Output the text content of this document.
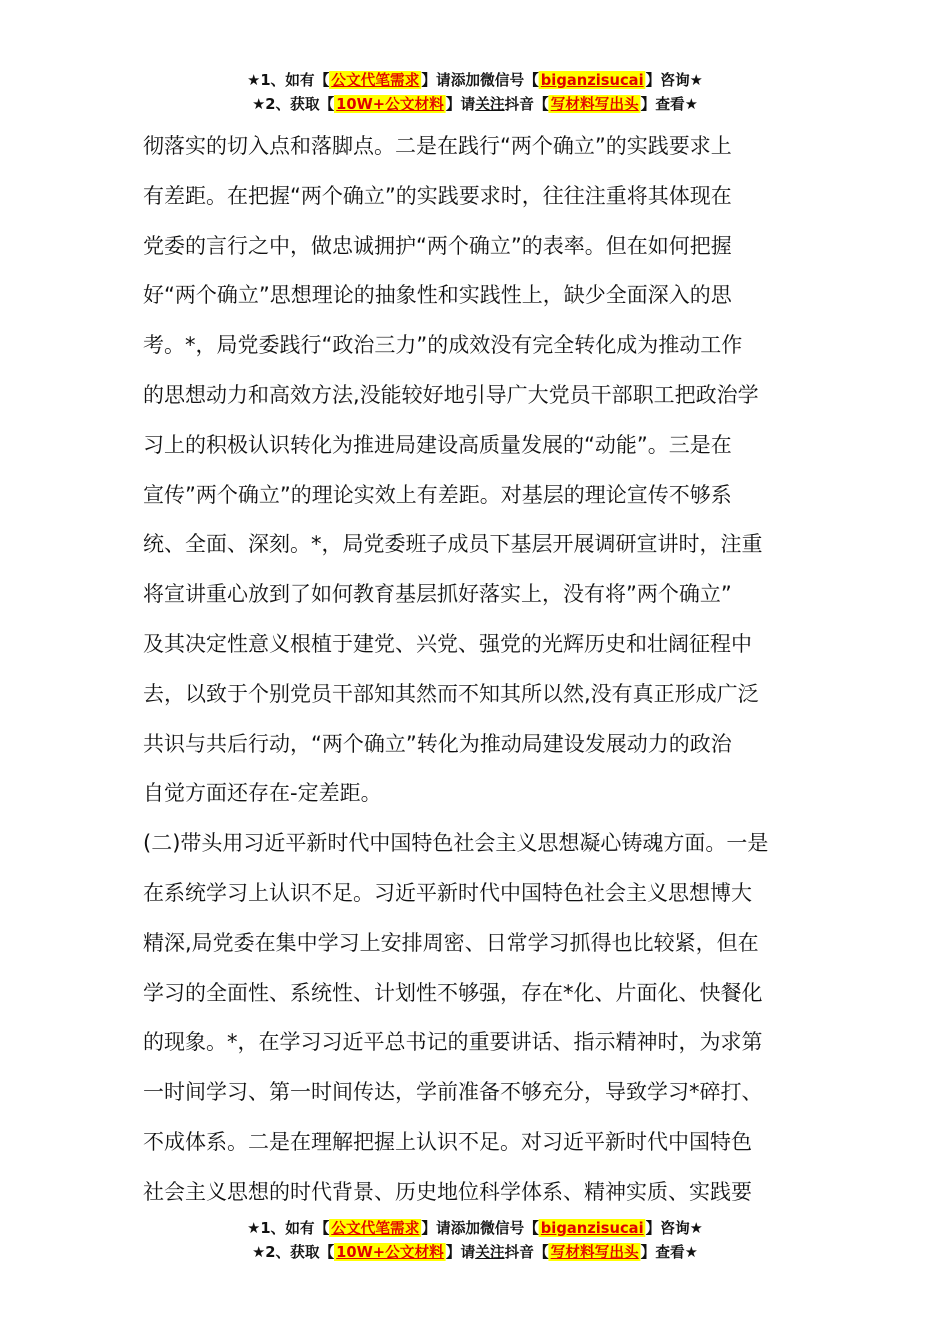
★1、如有【 公文代笔需求 】请添加微信号【 biganzisucai 】咨询★
★2、获取【 10W+公文材料 】请关注抖音【 写材料写出头 】查看★

彻落实的切入点和落脚点。二是在践行“两个确立”的实践要求上

有差距。在把握“两个确立”的实践要求时，往往注重将其体现在

党委的言行之中，做忠诚拥护“两个确立”的表率。但在如何把握

好“两个确立”思想理论的抽象性和实践性上，缺少全面深入的思

考。*，局党委践行“政治三力”的成效没有完全转化成为推动工作

的思想动力和高效方法,没能较好地引导广大党员干部职工把政治学

习上的积极认识转化为推进局建设高质量发展的“动能”。三是在

宣传”两个确立”的理论实效上有差距。对基层的理论宣传不够系

统、全面、深刻。*，局党委班子成员下基层开展调研宣讲时，注重

将宣讲重心放到了如何教育基层抓好落实上，没有将”两个确立”

及其决定性意义根植于建党、兴党、强党的光辉历史和壮阔征程中

去，以致于个别党员干部知其然而不知其所以然,没有真正形成广泛

共识与共后行动，“两个确立”转化为推动局建设发展动力的政治

自觉方面还存在-定差距。

(二)带头用习近平新时代中国特色社会主义思想凝心铸魂方面。一是

在系统学习上认识不足。习近平新时代中国特色社会主义思想博大

精深,局党委在集中学习上安排周密、日常学习抓得也比较紧，但在

学习的全面性、系统性、计划性不够强，存在*化、片面化、快餐化

的现象。*，在学习习近平总书记的重要讲话、指示精神时，为求第

一时间学习、第一时间传达，学前准备不够充分，导致学习*碎打、

不成体系。二是在理解把握上认识不足。对习近平新时代中国特色

社会主义思想的时代背景、历史地位科学体系、精神实质、实践要

★1、如有【 公文代笔需求 】请添加微信号【 biganzisucai 】咨询★
★2、获取【 10W+公文材料 】请关注抖音【 写材料写出头 】查看★
